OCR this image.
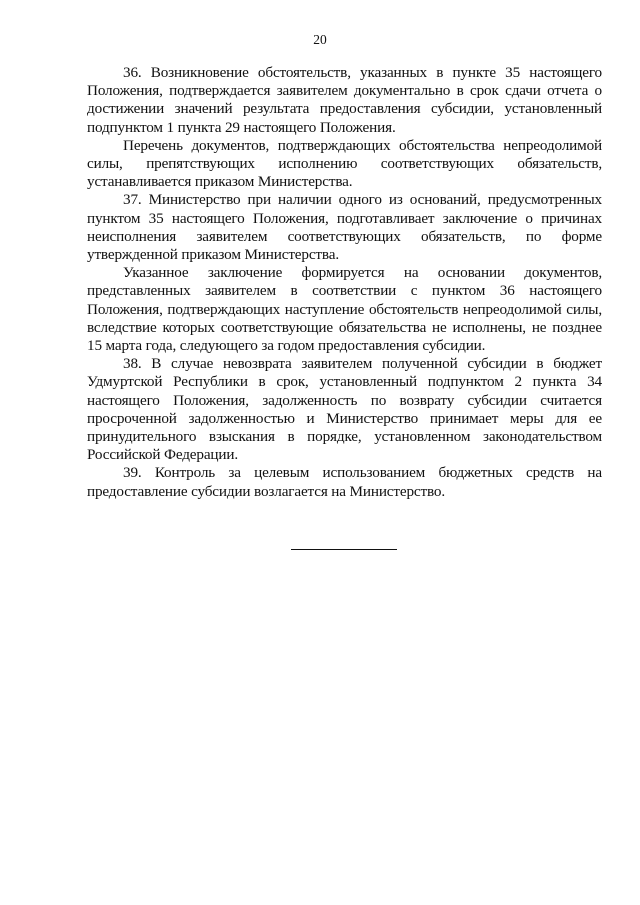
20

36. Возникновение обстоятельств, указанных в пункте 35 настоящего Положения, подтверждается заявителем документально в срок сдачи отчета о достижении значений результата предоставления субсидии, установленный подпунктом 1 пункта 29 настоящего Положения.

Перечень документов, подтверждающих обстоятельства непреодолимой силы, препятствующих исполнению соответствующих обязательств, устанавливается приказом Министерства.

37. Министерство при наличии одного из оснований, предусмотренных пунктом 35 настоящего Положения, подготавливает заключение о причинах неисполнения заявителем соответствующих обязательств, по форме утвержденной приказом Министерства.

Указанное заключение формируется на основании документов, представленных заявителем в соответствии с пунктом 36 настоящего Положения, подтверждающих наступление обстоятельств непреодолимой силы, вследствие которых соответствующие обязательства не исполнены, не позднее 15 марта года, следующего за годом предоставления субсидии.

38. В случае невозврата заявителем полученной субсидии в бюджет Удмуртской Республики в срок, установленный подпунктом 2 пункта 34 настоящего Положения, задолженность по возврату субсидии считается просроченной задолженностью и Министерство принимает меры для ее принудительного взыскания в порядке, установленном законодательством Российской Федерации.

39. Контроль за целевым использованием бюджетных средств на предоставление субсидии возлагается на Министерство.
